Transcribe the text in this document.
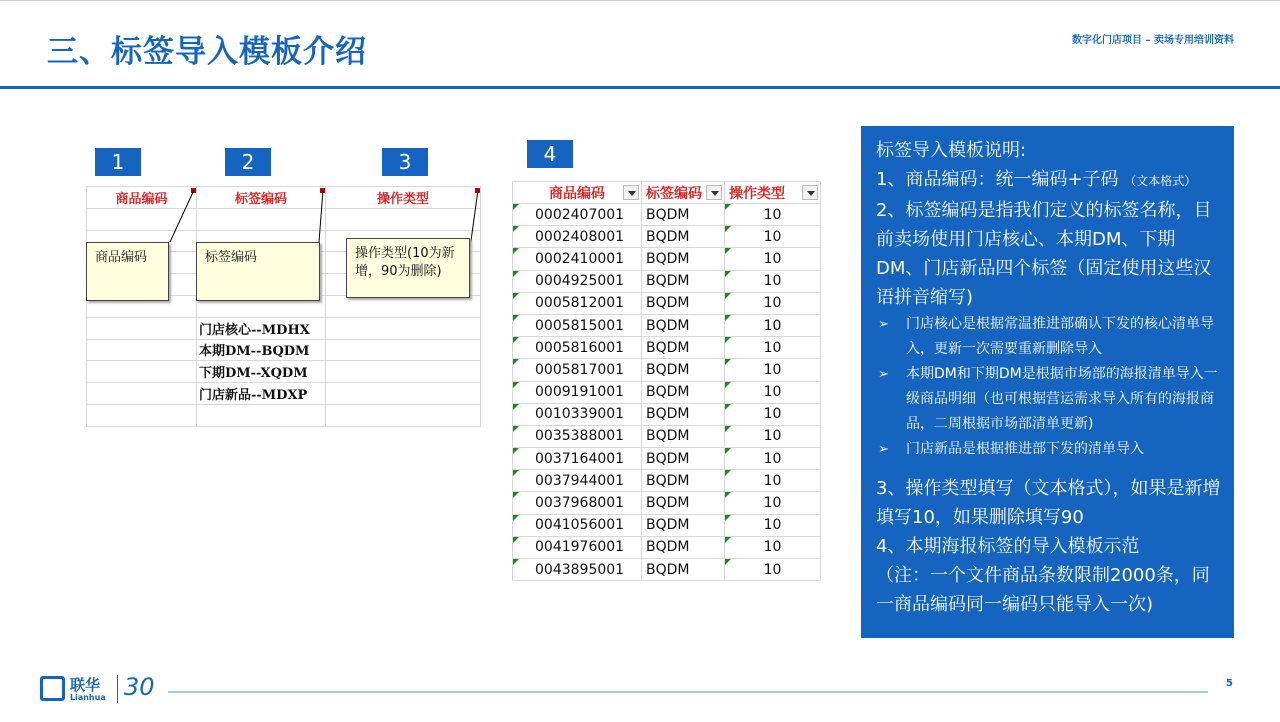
三、标签导入模板介绍	数字化门店项目 – 卖场专用培训资料
1	2	3	4
商品编码	标签编码	操作类型

	门店核心--MDHX	
	本期DM--BQDM	
	下期DM--XQDM	
	门店新品--MDXP	

商品编码	标签编码	操作类型(10为新增，90为删除)
商品编码	标签编码	操作类型

0002407001	BQDM	10

0002408001	BQDM	10

0002410001	BQDM	10

0004925001	BQDM	10

0005812001	BQDM	10

0005815001	BQDM	10

0005816001	BQDM	10

0005817001	BQDM	10

0009191001	BQDM	10

0010339001	BQDM	10

0035388001	BQDM	10

0037164001	BQDM	10

0037944001	BQDM	10

0037968001	BQDM	10

0041056001	BQDM	10

0041976001	BQDM	10

0043895001	BQDM	10
标签导入模板说明:
1、商品编码：统一编码+子码 （文本格式）
2、标签编码是指我们定义的标签名称，目前卖场使用门店核心、本期DM、下期DM、门店新品四个标签（固定使用这些汉语拼音缩写)
➢ 门店核心是根据常温推进部确认下发的核心清单导入，更新一次需要重新删除导入
➢ 本期DM和下期DM是根据市场部的海报清单导入一级商品明细（也可根据营运需求导入所有的海报商品，二周根据市场部清单更新)
➢ 门店新品是根据推进部下发的清单导入
3、操作类型填写（文本格式），如果是新增填写10，如果删除填写90
4、本期海报标签的导入模板示范
（注：一个文件商品条数限制2000条，同一商品编码同一编码只能导入一次)
联华
Lianhua 30	5
